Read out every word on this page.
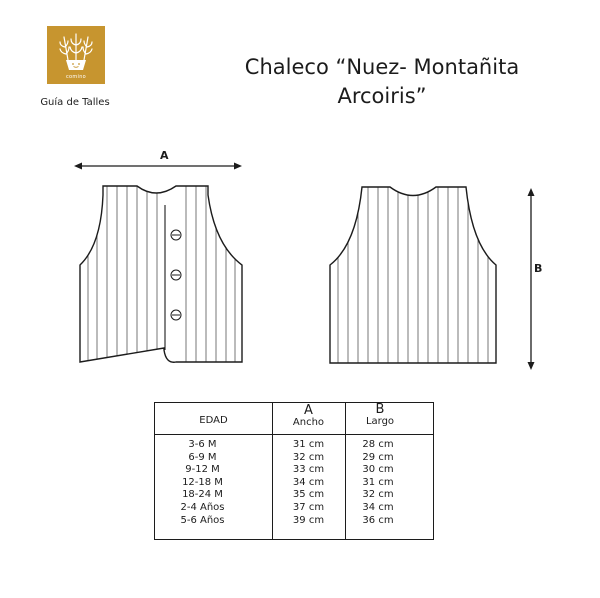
comino
Guía de Talles
Chaleco “Nuez- Montañita
Arcoiris”
A
B
EDAD
A
Ancho
B
Largo
3-6 M
6-9 M
9-12 M
12-18 M
18-24 M
2-4 Años
5-6 Años
31 cm
32 cm
33 cm
34 cm
35 cm
37 cm
39 cm
28 cm
29 cm
30 cm
31 cm
32 cm
34 cm
36 cm
